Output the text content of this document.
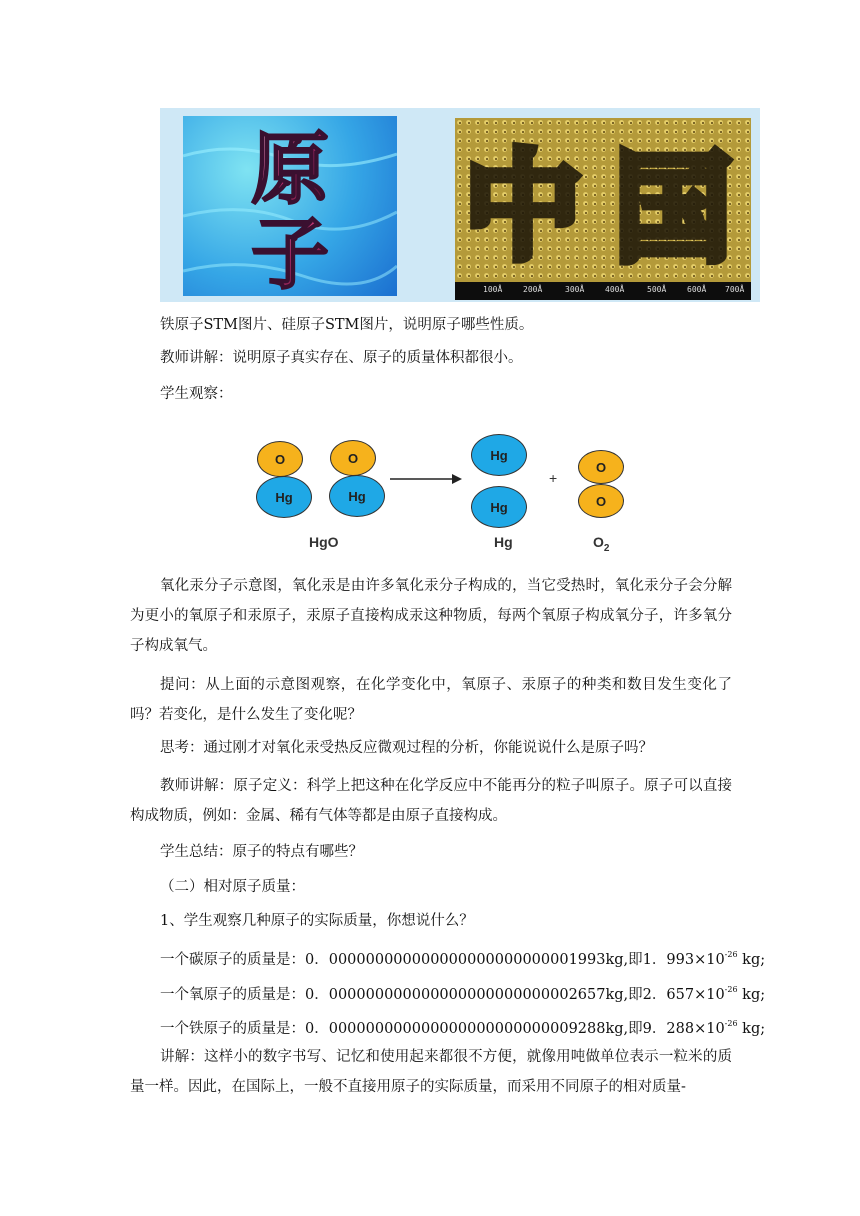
原
子 中 国
100Å	200Å	300Å	400Å	500Å	600Å 700Å
铁原子STM图片、硅原子STM图片，说明原子哪些性质。
教师讲解：说明原子真实存在、原子的质量体积都很小。
学生观察：
O
Hg
O
Hg
Hg
Hg
+
O
O
HgO	Hg	$O_2$
氧化汞分子示意图，氧化汞是由许多氧化汞分子构成的，当它受热时，氧化汞分子会分解为更小的氧原子和汞原子，汞原子直接构成汞这种物质，每两个氧原子构成氧分子，许多氧分子构成氧气。
提问：从上面的示意图观察，在化学变化中，氧原子、汞原子的种类和数目发生变化了吗？若变化，是什么发生了变化呢？
思考：通过刚才对氧化汞受热反应微观过程的分析，你能说说什么是原子吗？
教师讲解：原子定义：科学上把这种在化学反应中不能再分的粒子叫原子。原子可以直接构成物质，例如：金属、稀有气体等都是由原子直接构成。
学生总结：原子的特点有哪些？
（二）相对原子质量：
1、学生观察几种原子的实际质量，你想说什么？
一个碳原子的质量是：0．000000000000000000000000001993kg,即1．$993\times 10^{-26}$ kg;
一个氧原子的质量是：0．000000000000000000000000002657kg,即2．$657\times 10^{-26}$ kg;
一个铁原子的质量是：0．000000000000000000000000009288kg,即9．$288\times 10^{-26}$ kg;
讲解：这样小的数字书写、记忆和使用起来都很不方便，就像用吨做单位表示一粒米的质量一样。因此，在国际上，一般不直接用原子的实际质量，而采用不同原子的相对质量-
